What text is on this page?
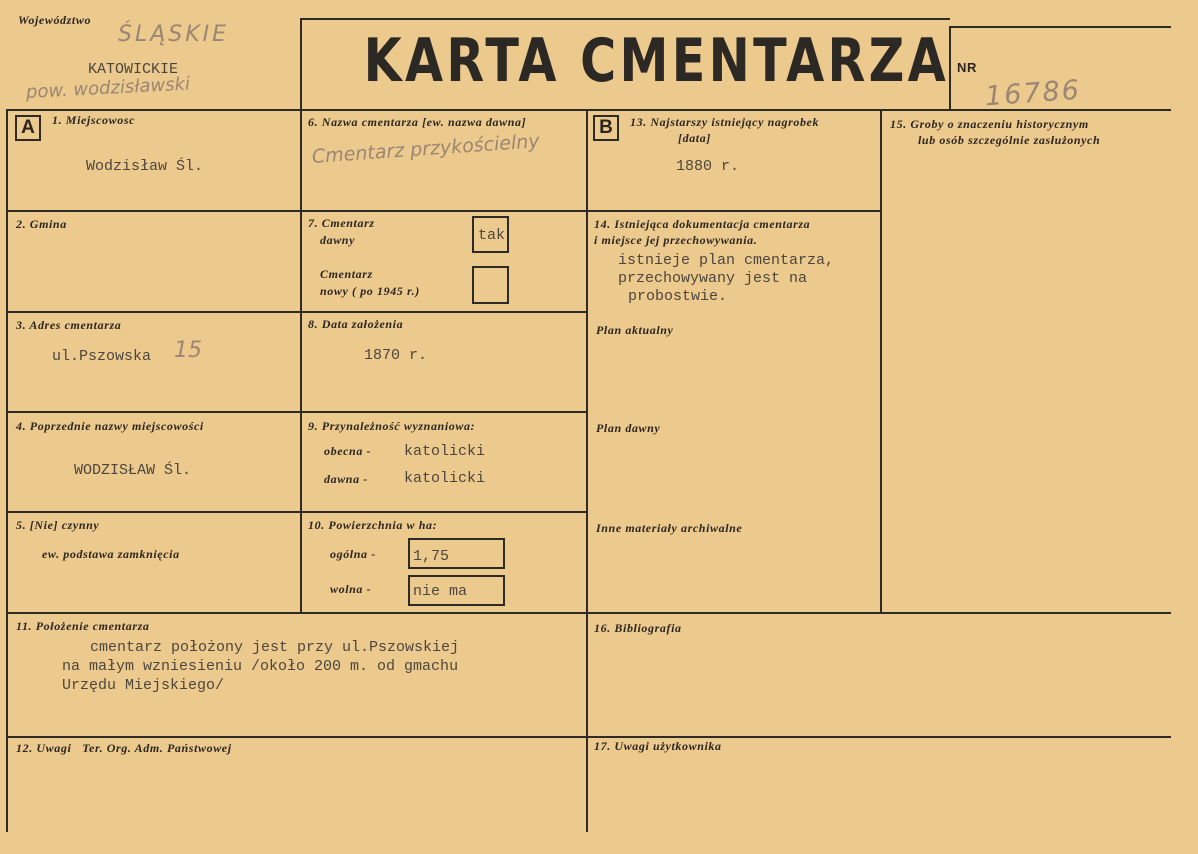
Województwo
ŚLĄSKIE
KATOWICKIE
pow. wodzisławski	KARTA CMENTARZA NR
16786
A	B
1. Miejscowosc
Wodzisław Śl.
2. Gmina
3. Adres cmentarza
ul.Pszowska 15
4. Poprzednie nazwy miejscowości
WODZISŁAW Śl.
5. [Nie] czynny
ew. podstawa zamknięcia
6. Nazwa cmentarza [ew. nazwa dawna]
Cmentarz przykościelny
7. Cmentarz
dawny	tak
Cmentarz
nowy ( po 1945 r.)
8. Data założenia
1870 r.
9. Przynależność wyznaniowa:
obecna - katolicki
dawna - katolicki
10. Powierzchnia w ha:
ogólna - 1,75
wolna -	nie ma
11. Położenie cmentarza
cmentarz położony jest przy ul.Pszowskiej
na małym wzniesieniu /około 200 m. od gmachu
Urzędu Miejskiego/
12. Uwagi   Ter. Org. Adm. Państwowej
13. Najstarszy istniejący nagrobek
[data]
1880 r.
14. Istniejąca dokumentacja cmentarza
i miejsce jej przechowywania.
istnieje plan cmentarza,
przechowywany jest na
probostwie.
Plan aktualny
Plan dawny
Inne materiały archiwalne
15. Groby o znaczeniu historycznym
lub osób szczególnie zasłużonych
16. Bibliografia
17. Uwagi użytkownika
